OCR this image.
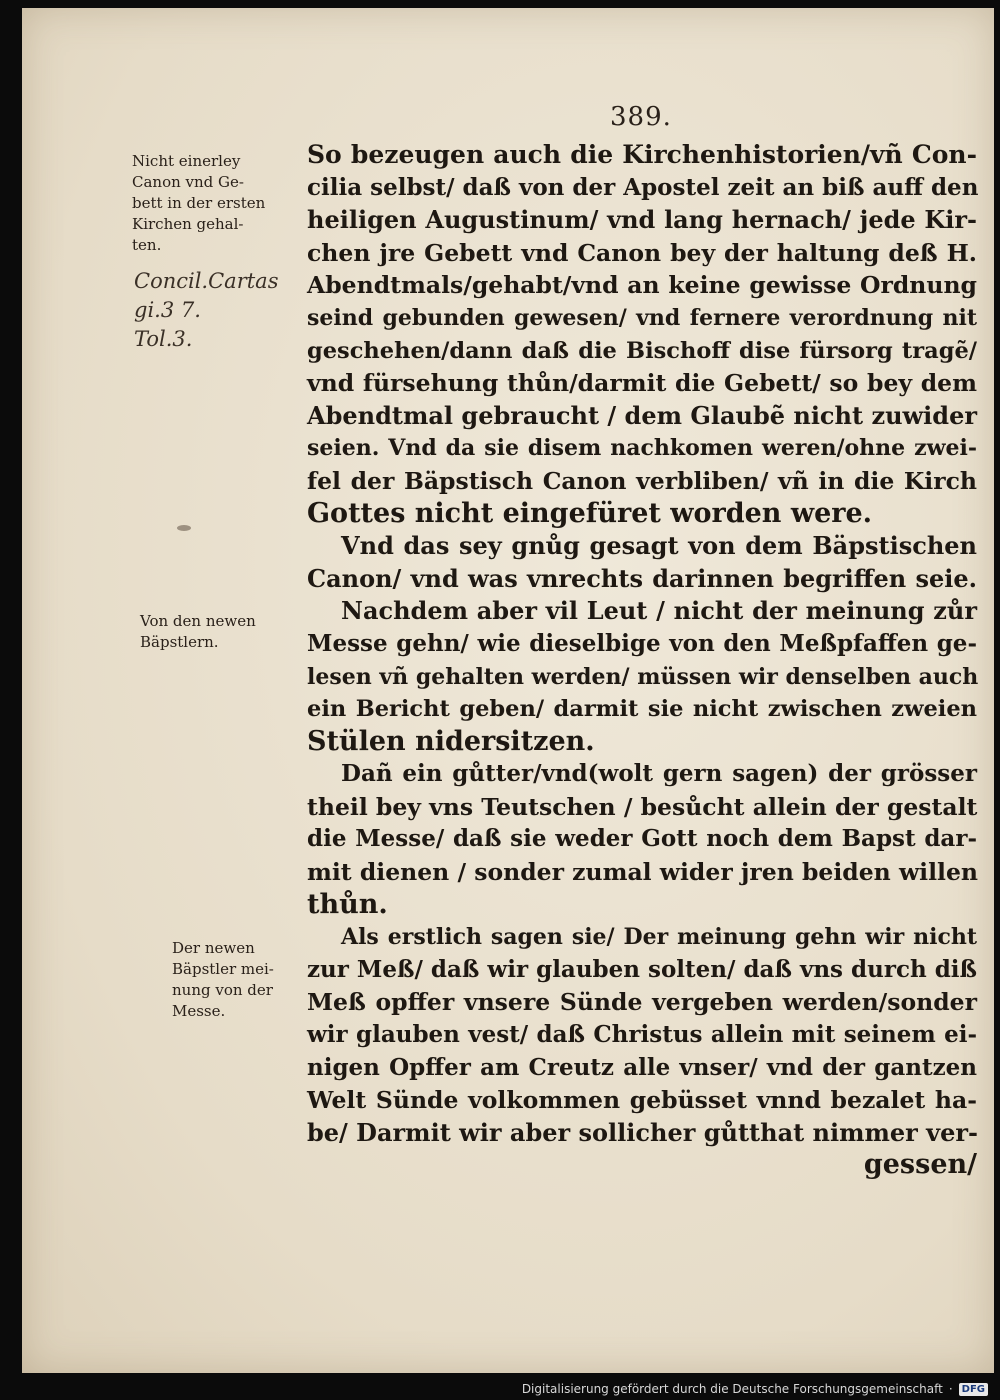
389.
Nicht einerley
Canon vnd Ge-
bett in der ersten
Kirchen gehal-
ten.
Concil.Cartas
gi.3 7.
Tol.3.
Von den newen
Bäpstlern.
Der newen
Bäpstler mei-
nung von der
Messe.
So bezeugen auch die Kirchenhistorien/vñ Con-
cilia selbst/ daß von der Apostel zeit an biß auff den
heiligen Augustinum/ vnd lang hernach/ jede Kir-
chen jre Gebett vnd Canon bey der haltung deß H.
Abendtmals/gehabt/vnd an keine gewisse Ordnung
seind gebunden gewesen/ vnd fernere verordnung nit
geschehen/dann daß die Bischoff dise fürsorg tragẽ/
vnd fürsehung thůn/darmit die Gebett/ so bey dem
Abendtmal gebraucht / dem Glaubẽ nicht zuwider
seien. Vnd da sie disem nachkomen weren/ohne zwei-
fel der Bäpstisch Canon verbliben/ vñ in die Kirch
Gottes nicht eingefüret worden were.
Vnd das sey gnůg gesagt von dem Bäpstischen
Canon/ vnd was vnrechts darinnen begriffen seie.
Nachdem aber vil Leut / nicht der meinung zůr
Messe gehn/ wie dieselbige von den Meßpfaffen ge-
lesen vñ gehalten werden/ müssen wir denselben auch
ein Bericht geben/ darmit sie nicht zwischen zweien
Stülen nidersitzen.
Dañ ein gůtter/vnd(wolt gern sagen) der grösser
theil bey vns Teutschen / besůcht allein der gestalt
die Messe/ daß sie weder Gott noch dem Bapst dar-
mit dienen / sonder zumal wider jren beiden willen
thůn.
Als erstlich sagen sie/ Der meinung gehn wir nicht
zur Meß/ daß wir glauben solten/ daß vns durch diß
Meß opffer vnsere Sünde vergeben werden/sonder
wir glauben vest/ daß Christus allein mit seinem ei-
nigen Opffer am Creutz alle vnser/ vnd der gantzen
Welt Sünde volkommen gebüsset vnnd bezalet ha-
be/ Darmit wir aber sollicher gůtthat nimmer ver-
gessen/
Digitalisierung gefördert durch die Deutsche Forschungsgemeinschaft · DFG
